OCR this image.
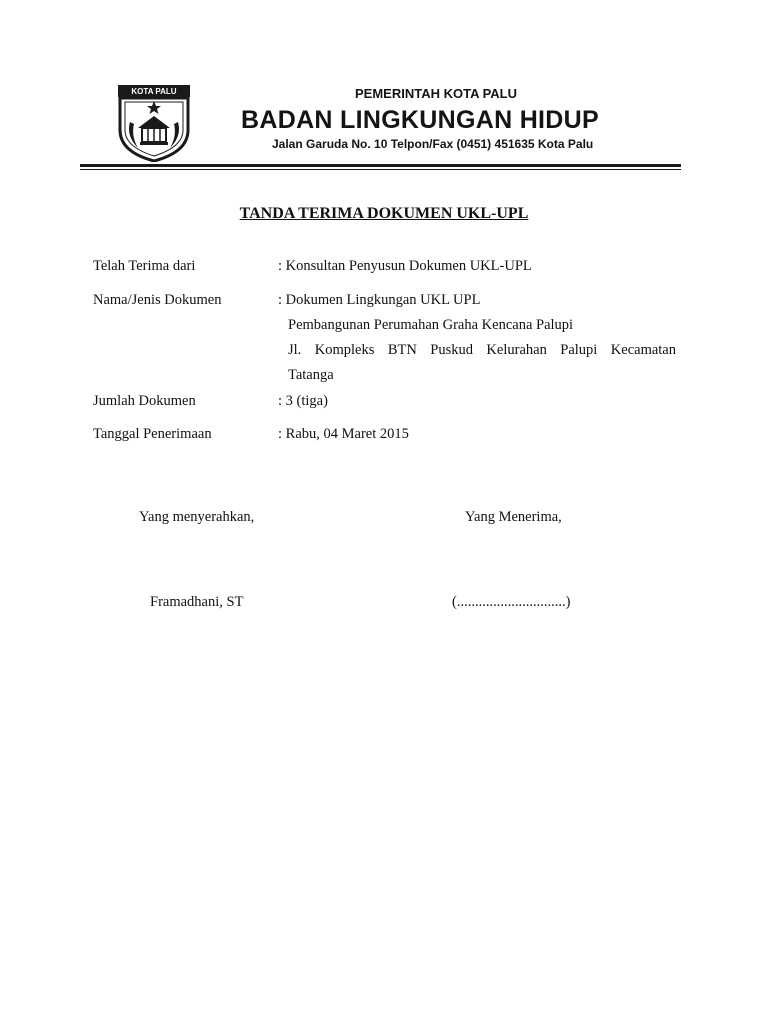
KOTA PALU	PEMERINTAH KOTA PALU
BADAN LINGKUNGAN HIDUP
Jalan Garuda No. 10 Telpon/Fax (0451) 451635 Kota Palu
TANDA TERIMA DOKUMEN UKL-UPL
Telah Terima dari	: Konsultan Penyusun Dokumen UKL-UPL
Nama/Jenis Dokumen	: Dokumen Lingkungan UKL UPL
Pembangunan Perumahan Graha Kencana Palupi
Jl. Kompleks BTN Puskud Kelurahan Palupi Kecamatan
Tatanga
Jumlah Dokumen	: 3 (tiga)
Tanggal Penerimaan	: Rabu, 04 Maret 2015
Yang menyerahkan,	Yang Menerima,
Framadhani, ST	(..............................)
